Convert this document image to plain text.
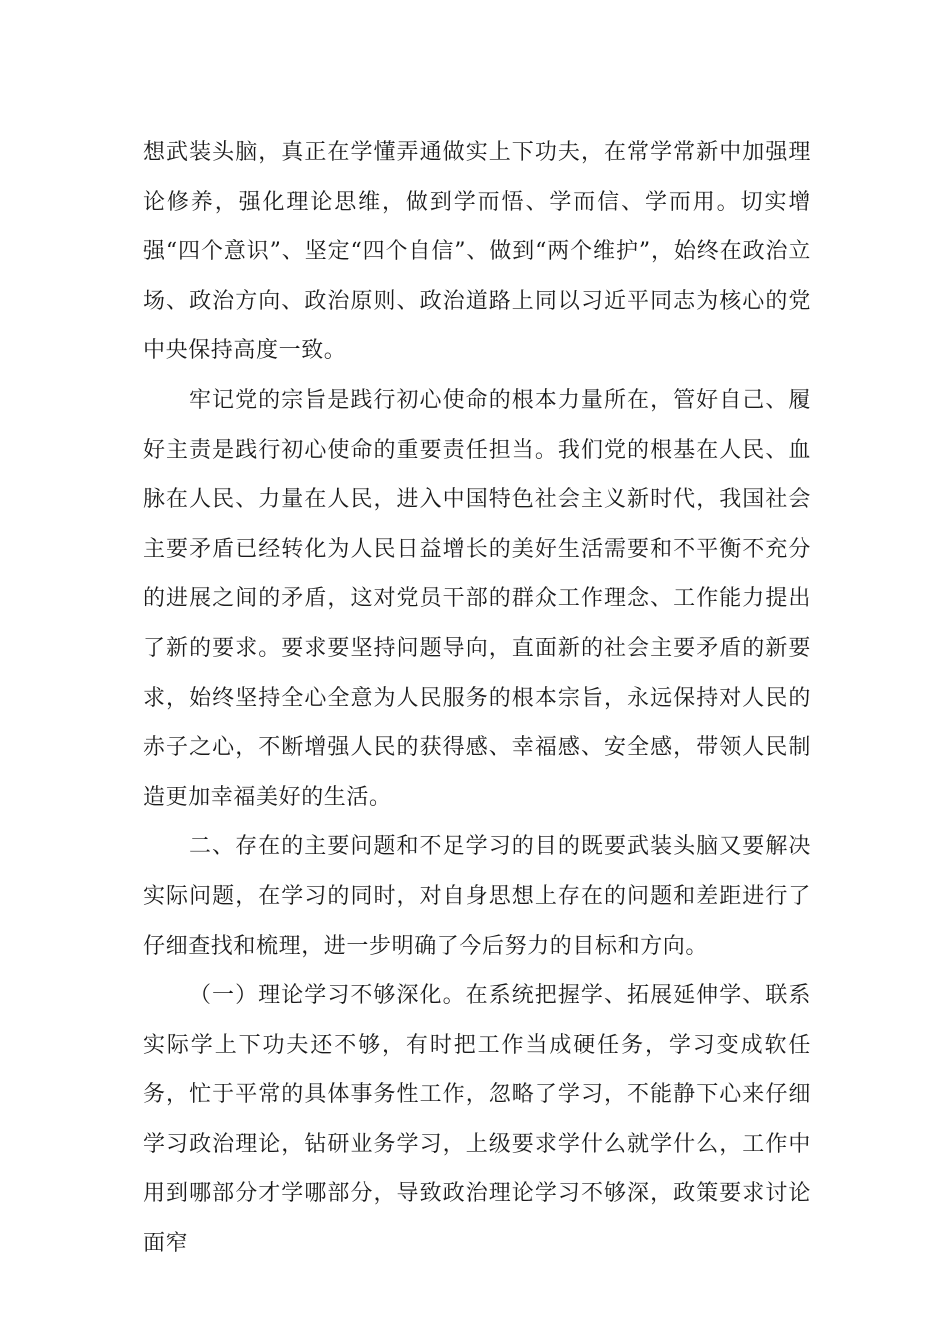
想武装头脑，真正在学懂弄通做实上下功夫，在常学常新中加强理论修养，强化理论思维，做到学而悟、学而信、学而用。切实增强“四个意识”、坚定“四个自信”、做到“两个维护”，始终在政治立场、政治方向、政治原则、政治道路上同以习近平同志为核心的党中央保持高度一致。

牢记党的宗旨是践行初心使命的根本力量所在，管好自己、履好主责是践行初心使命的重要责任担当。我们党的根基在人民、血脉在人民、力量在人民，进入中国特色社会主义新时代，我国社会主要矛盾已经转化为人民日益增长的美好生活需要和不平衡不充分的进展之间的矛盾，这对党员干部的群众工作理念、工作能力提出了新的要求。要求要坚持问题导向，直面新的社会主要矛盾的新要求，始终坚持全心全意为人民服务的根本宗旨，永远保持对人民的赤子之心，不断增强人民的获得感、幸福感、安全感，带领人民制造更加幸福美好的生活。

二、存在的主要问题和不足学习的目的既要武装头脑又要解决实际问题，在学习的同时，对自身思想上存在的问题和差距进行了仔细查找和梳理，进一步明确了今后努力的目标和方向。

（一）理论学习不够深化。在系统把握学、拓展延伸学、联系实际学上下功夫还不够，有时把工作当成硬任务，学习变成软任务，忙于平常的具体事务性工作，忽略了学习，不能静下心来仔细学习政治理论，钻研业务学习，上级要求学什么就学什么，工作中用到哪部分才学哪部分，导致政治理论学习不够深，政策要求讨论面窄
